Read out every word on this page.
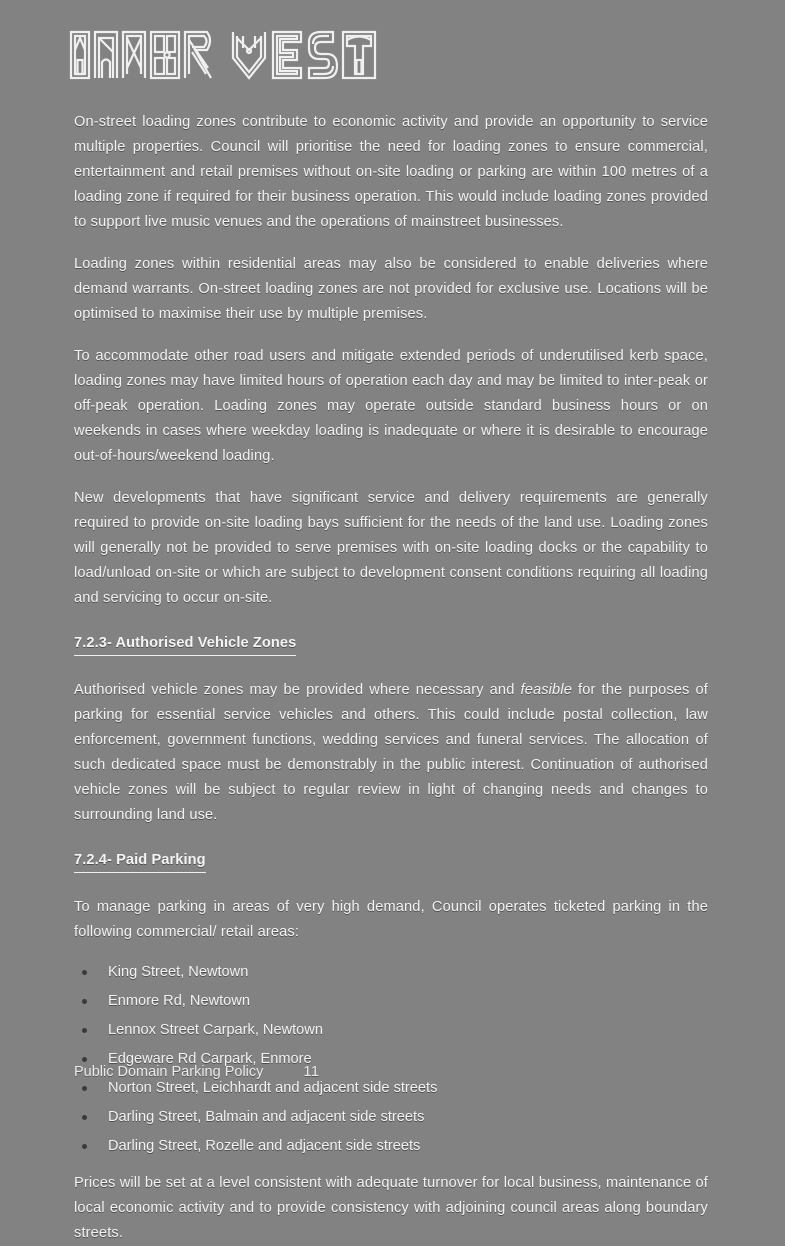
On-street loading zones contribute to economic activity and provide an opportunity to service multiple properties. Council will prioritise the need for loading zones to ensure commercial, entertainment and retail premises without on-site loading or parking are within 100 metres of a loading zone if required for their business operation. This would include loading zones provided to support live music venues and the operations of mainstreet businesses.

Loading zones within residential areas may also be considered to enable deliveries where demand warrants. On-street loading zones are not provided for exclusive use. Locations will be optimised to maximise their use by multiple premises.

To accommodate other road users and mitigate extended periods of underutilised kerb space, loading zones may have limited hours of operation each day and may be limited to inter-peak or off-peak operation. Loading zones may operate outside standard business hours or on weekends in cases where weekday loading is inadequate or where it is desirable to encourage out-of-hours/weekend loading.

New developments that have significant service and delivery requirements are generally required to provide on-site loading bays sufficient for the needs of the land use. Loading zones will generally not be provided to serve premises with on-site loading docks or the capability to load/unload on-site or which are subject to development consent conditions requiring all loading and servicing to occur on-site.

7.2.3- Authorised Vehicle Zones

Authorised vehicle zones may be provided where necessary and feasible for the purposes of parking for essential service vehicles and others. This could include postal collection, law enforcement, government functions, wedding services and funeral services. The allocation of such dedicated space must be demonstrably in the public interest. Continuation of authorised vehicle zones will be subject to regular review in light of changing needs and changes to surrounding land use.

7.2.4- Paid Parking

To manage parking in areas of very high demand, Council operates ticketed parking in the following commercial/ retail areas:

King Street, Newtown
Enmore Rd, Newtown
Lennox Street Carpark, Newtown
Edgeware Rd Carpark, Enmore
Norton Street, Leichhardt and adjacent side streets
Darling Street, Balmain and adjacent side streets
Darling Street, Rozelle and adjacent side streets

Prices will be set at a level consistent with adequate turnover for local business, maintenance of local economic activity and to provide consistency with adjoining council areas along boundary streets.

Public Domain Parking Policy	11
